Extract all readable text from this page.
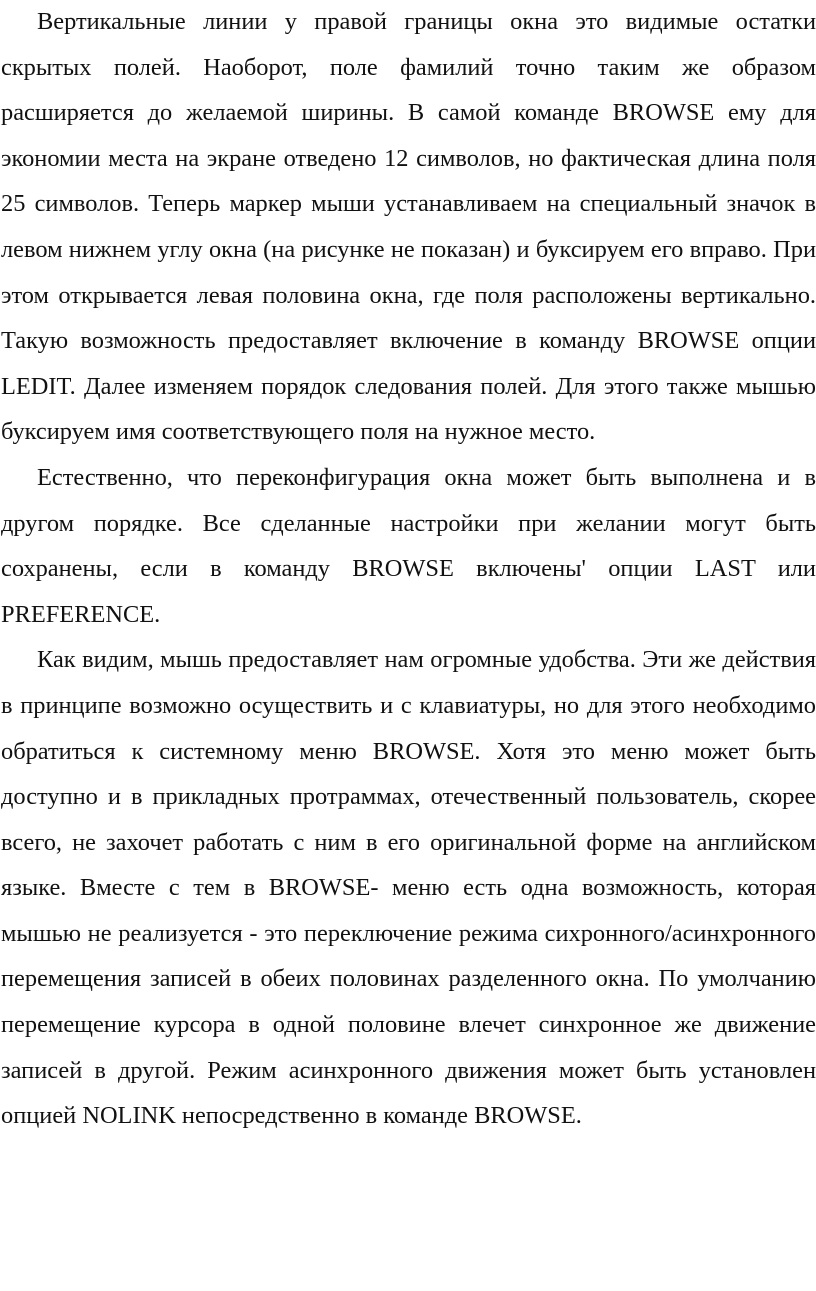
Вертикальные линии у правой границы окна это видимые остатки скрытых полей. Наоборот, поле фамилий точно таким же образом расширяется до желаемой ширины. В самой команде BROWSE ему для экономии места на экране отведено 12 символов, но фактическая длина поля 25 символов. Теперь маркер мыши устанавливаем на специальный значок в левом нижнем углу окна (на рисунке не показан) и буксируем его вправо. При этом открывается левая половина окна, где поля расположены вертикально. Такую возможность предоставляет включение в команду BROWSE опции LEDIT. Далее изменяем порядок следования полей. Для этого также мышью буксируем имя соответствующего поля на нужное место.

Естественно, что переконфигурация окна может быть выполнена и в другом порядке. Все сделанные настройки при желании могут быть сохранены, если в команду BROWSE включены' опции LAST или PREFERENCE.

Как видим, мышь предоставляет нам огромные удобства. Эти же действия в принципе возможно осуществить и с клавиатуры, но для этого необходимо обратиться к системному меню BROWSE. Хотя это меню может быть доступно и в прикладных протраммах, отечественный пользователь, скорее всего, не захочет работать с ним в его оригинальной форме на английском языке. Вместе с тем в BROWSE- меню есть одна возможность, которая мышью не реализуется - это переключение режима сихронного/асинхронного перемещения записей в обеих половинах разделенного окна. По умолчанию перемещение курсора в одной половине влечет синхронное же движение записей в другой. Режим асинхронного движения может быть установлен опцией NOLINK непосредственно в команде BROWSE.
